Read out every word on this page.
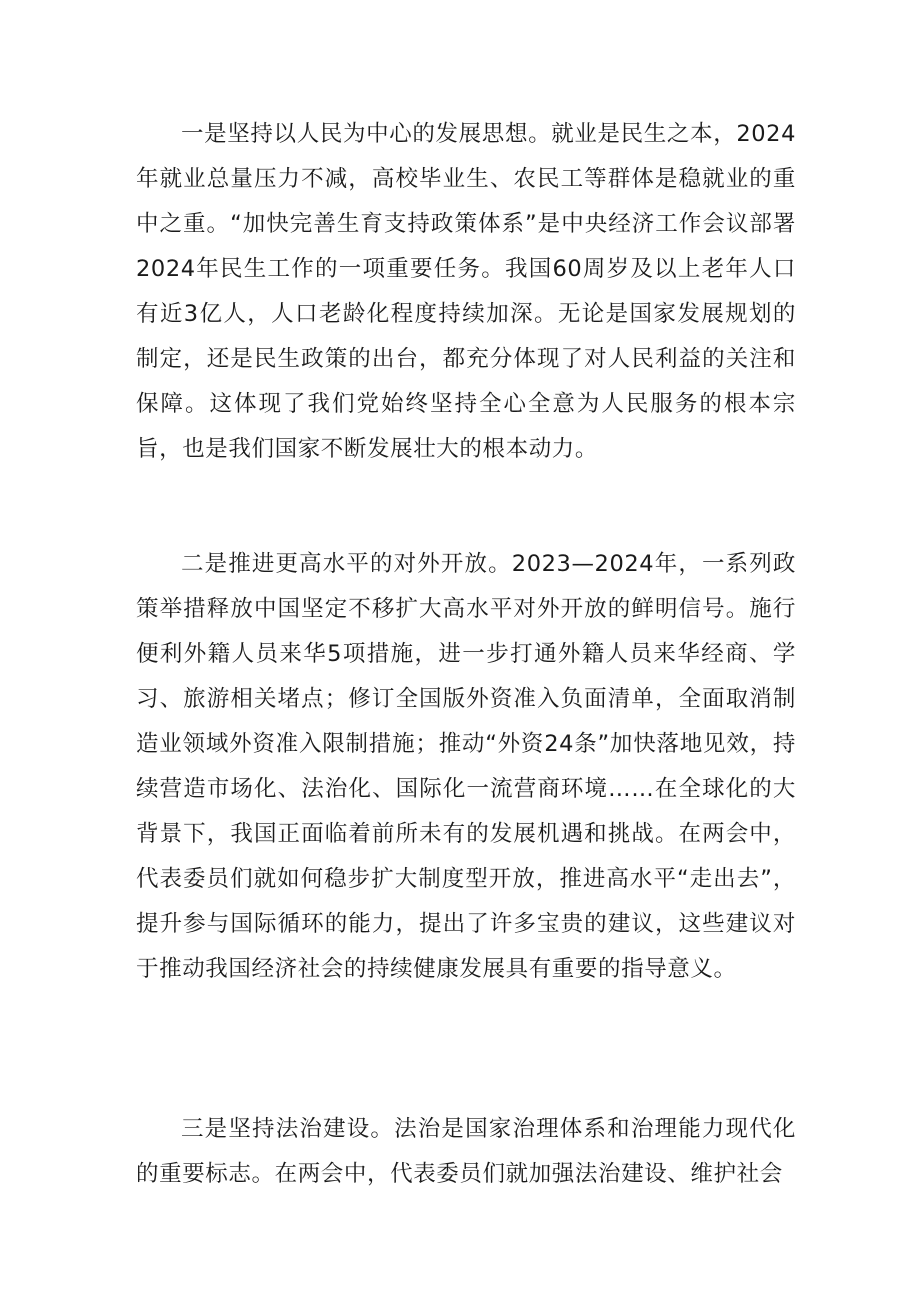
一是坚持以人民为中心的发展思想。就业是民生之本，2024年就业总量压力不减，高校毕业生、农民工等群体是稳就业的重中之重。“加快完善生育支持政策体系”是中央经济工作会议部署2024年民生工作的一项重要任务。我国60周岁及以上老年人口有近3亿人，人口老龄化程度持续加深。无论是国家发展规划的制定，还是民生政策的出台，都充分体现了对人民利益的关注和保障。这体现了我们党始终坚持全心全意为人民服务的根本宗旨，也是我们国家不断发展壮大的根本动力。

二是推进更高水平的对外开放。2023—2024年，一系列政策举措释放中国坚定不移扩大高水平对外开放的鲜明信号。施行便利外籍人员来华5项措施，进一步打通外籍人员来华经商、学习、旅游相关堵点；修订全国版外资准入负面清单，全面取消制造业领域外资准入限制措施；推动“外资24条”加快落地见效，持续营造市场化、法治化、国际化一流营商环境……在全球化的大背景下，我国正面临着前所未有的发展机遇和挑战。在两会中，代表委员们就如何稳步扩大制度型开放，推进高水平“走出去”，提升参与国际循环的能力，提出了许多宝贵的建议，这些建议对于推动我国经济社会的持续健康发展具有重要的指导意义。

三是坚持法治建设。法治是国家治理体系和治理能力现代化的重要标志。在两会中，代表委员们就加强法治建设、维护社会
